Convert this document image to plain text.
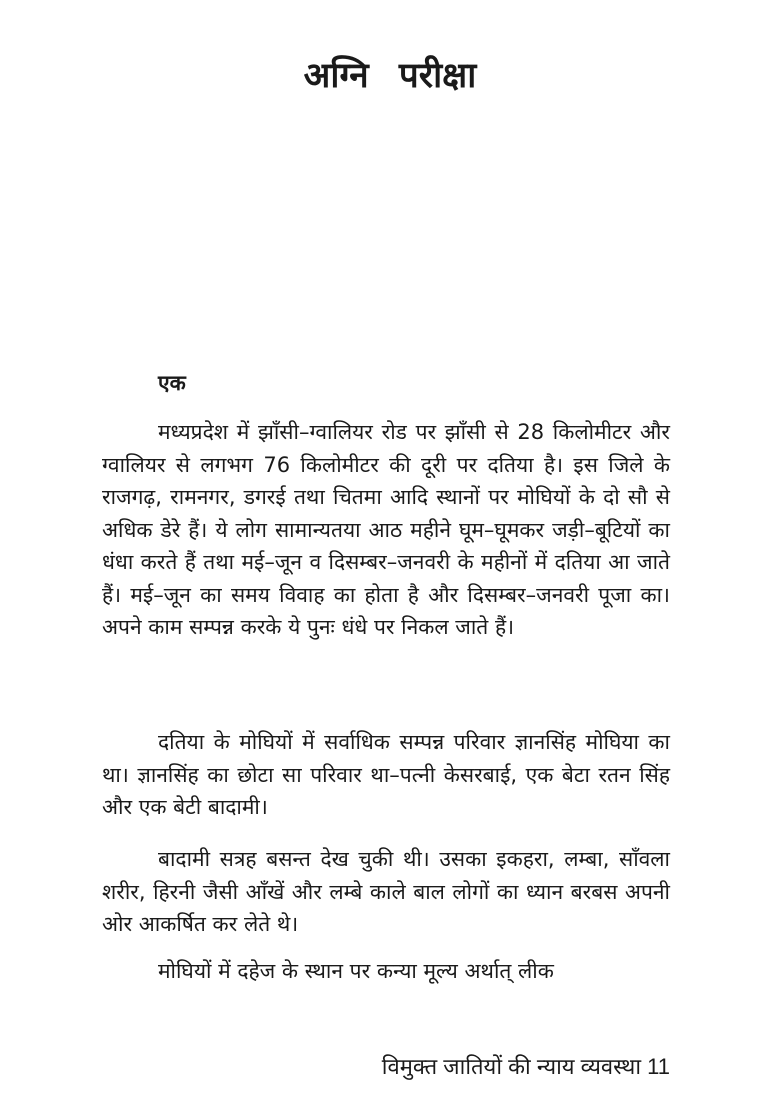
अग्नि परीक्षा
एक

मध्यप्रदेश में झाँसी–ग्वालियर रोड पर झाँसी से 28 किलोमीटर और ग्वालियर से लगभग 76 किलोमीटर की दूरी पर दतिया है। इस जिले के राजगढ़, रामनगर, डगरई तथा चितमा आदि स्थानों पर मोघियों के दो सौ से अधिक डेरे हैं। ये लोग सामान्यतया आठ महीने घूम–घूमकर जड़ी–बूटियों का धंधा करते हैं तथा मई–जून व दिसम्बर–जनवरी के महीनों में दतिया आ जाते हैं। मई–जून का समय विवाह का होता है और दिसम्बर–जनवरी पूजा का। अपने काम सम्पन्न करके ये पुनः धंधे पर निकल जाते हैं।

दतिया के मोघियों में सर्वाधिक सम्पन्न परिवार ज्ञानसिंह मोघिया का था। ज्ञानसिंह का छोटा सा परिवार था–पत्नी केसरबाई, एक बेटा रतन सिंह और एक बेटी बादामी।

बादामी सत्रह बसन्त देख चुकी थी। उसका इकहरा, लम्बा, साँवला शरीर, हिरनी जैसी आँखें और लम्बे काले बाल लोगों का ध्यान बरबस अपनी ओर आकर्षित कर लेते थे।

मोघियों में दहेज के स्थान पर कन्या मूल्य अर्थात् लीक

विमुक्त जातियों की न्याय व्यवस्था 11
